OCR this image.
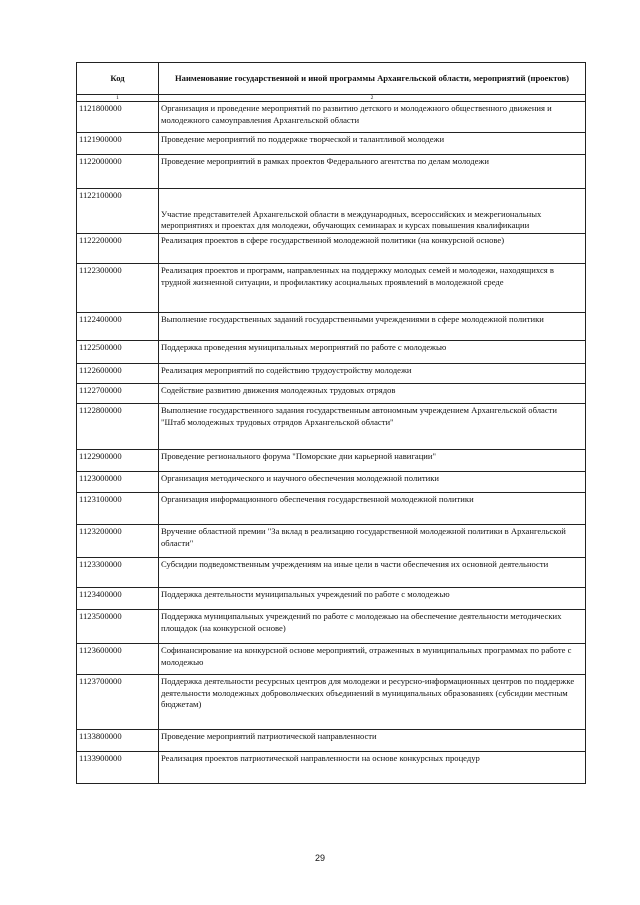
Код	Наименование государственной и иной программы Архангельской области, мероприятий (проектов)
1	2
1121800000	Организация и проведение мероприятий по развитию детского и молодежного общественного движения и молодежного самоуправления Архангельской области
1121900000	Проведение мероприятий по поддержке творческой и талантливой молодежи
1122000000	Проведение мероприятий в рамках проектов Федерального агентства по делам молодежи
1122100000	Участие представителей Архангельской области в международных, всероссийских и межрегиональных мероприятиях и проектах для молодежи, обучающих семинарах и курсах повышения квалификации
1122200000	Реализация проектов в сфере государственной молодежной политики (на конкурсной основе)
1122300000	Реализация проектов и программ, направленных на поддержку молодых семей и молодежи, находящихся в трудной жизненной ситуации, и профилактику асоциальных проявлений в молодежной среде
1122400000	Выполнение государственных заданий государственными учреждениями в сфере молодежной политики
1122500000	Поддержка проведения муниципальных мероприятий по работе с молодежью
1122600000	Реализация мероприятий по содействию трудоустройству молодежи
1122700000	Содействие развитию движения молодежных трудовых отрядов
1122800000	Выполнение государственного задания государственным автономным учреждением Архангельской области "Штаб молодежных трудовых отрядов Архангельской области"
1122900000	Проведение регионального форума "Поморские дни карьерной навигации"
1123000000	Организация методического и научного обеспечения молодежной политики
1123100000	Организация информационного обеспечения государственной молодежной политики
1123200000	Вручение областной премии "За вклад в реализацию государственной молодежной политики в Архангельской области"
1123300000	Субсидии подведомственным учреждениям на иные цели в части обеспечения их основной деятельности
1123400000	Поддержка деятельности муниципальных учреждений по работе с молодежью
1123500000	Поддержка муниципальных учреждений по работе с молодежью на обеспечение деятельности методических площадок (на конкурсной основе)
1123600000	Софинансирование на конкурсной основе мероприятий, отраженных в муниципальных программах по работе с молодежью
1123700000	Поддержка деятельности ресурсных центров для молодежи и ресурсно-информационных центров по поддержке деятельности молодежных добровольческих объединений в муниципальных образованиях (субсидии местным бюджетам)
1133800000	Проведение мероприятий патриотической направленности
1133900000	Реализация проектов патриотической направленности на основе конкурсных процедур
29
